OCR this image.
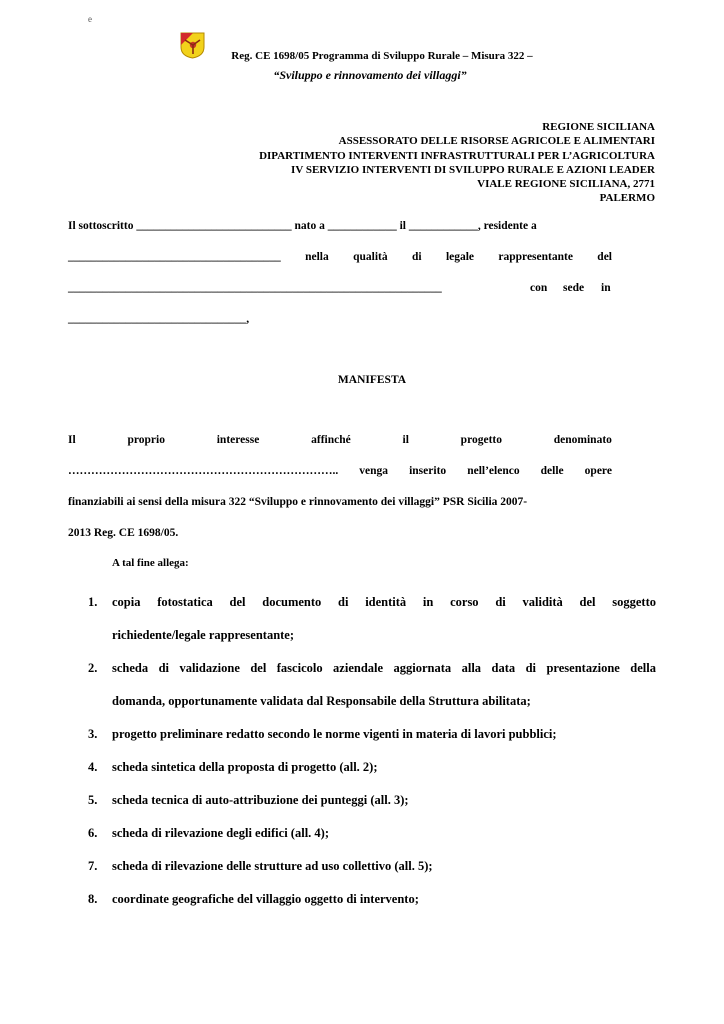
e
Reg. CE 1698/05 Programma di Sviluppo Rurale – Misura 322 –
“Sviluppo e rinnovamento dei villaggi”
REGIONE SICILIANA
ASSESSORATO DELLE RISORSE AGRICOLE E ALIMENTARI
DIPARTIMENTO INTERVENTI INFRASTRUTTURALI PER L’AGRICOLTURA
IV SERVIZIO INTERVENTI DI SVILUPPO RURALE E AZIONI LEADER
VIALE REGIONE SICILIANA, 2771
PALERMO
Il sottoscritto ___________________________ nato a ____________ il ____________, residente a
_____________________________________ nella qualità di legale rappresentante del
_________________________________________________________________	con sede in
_______________________________,
MANIFESTA
Il	proprio	interesse	affinché	il	progetto	denominato
…………………………………………………………….. venga inserito nell’elenco delle opere
finanziabili ai sensi della misura 322 “Sviluppo e rinnovamento dei villaggi” PSR Sicilia 2007-
2013 Reg. CE 1698/05.
A tal fine allega:
1.	copia fotostatica del documento di identità in corso di validità del soggetto
richiedente/legale rappresentante;
2.	scheda di validazione del fascicolo aziendale aggiornata alla data di presentazione della
domanda, opportunamente validata dal Responsabile della Struttura abilitata;
3.	progetto preliminare redatto secondo le norme vigenti in materia di lavori pubblici;
4.	scheda sintetica della proposta di progetto (all. 2);
5.	scheda tecnica di auto-attribuzione dei punteggi (all. 3);
6.	scheda di rilevazione degli edifici (all. 4);
7.	scheda di rilevazione delle strutture ad uso collettivo (all. 5);
8.	coordinate geografiche del villaggio oggetto di intervento;
